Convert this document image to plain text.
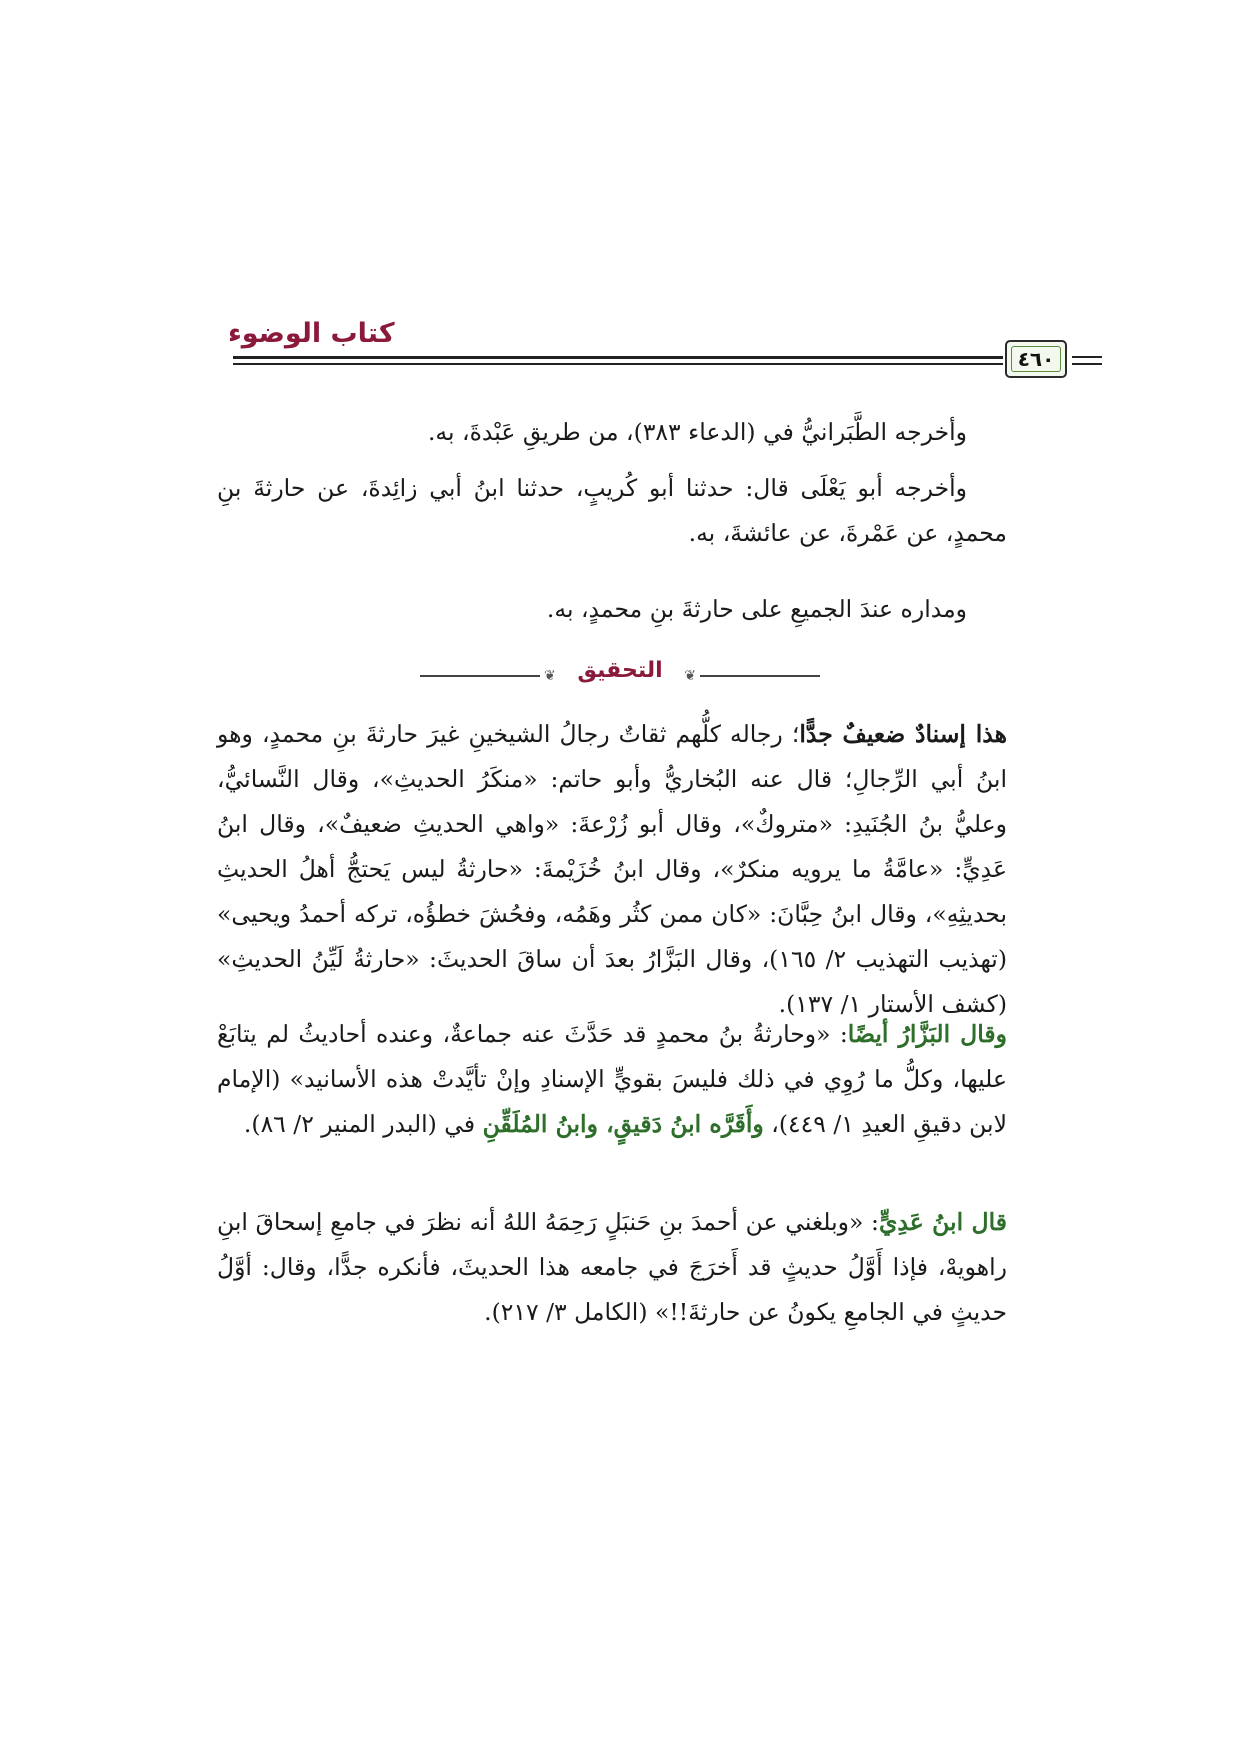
كتاب الوضوء
٤٦٠
وأخرجه الطَّبَرانيُّ في (الدعاء ٣٨٣)، من طريقِ عَبْدةَ، به.
وأخرجه أبو يَعْلَى قال: حدثنا أبو كُريبٍ، حدثنا ابنُ أبي زائِدةَ، عن حارثةَ بنِ محمدٍ، عن عَمْرةَ، عن عائشةَ، به.
ومداره عندَ الجميعِ على حارثةَ بنِ محمدٍ، به.
❦ التحقيق	❦
هذا إسنادٌ ضعيفٌ جدًّا؛ رجاله كلُّهم ثقاتٌ رجالُ الشيخينِ غيرَ حارثةَ بنِ محمدٍ، وهو ابنُ أبي الرِّجالِ؛ قال عنه البُخاريُّ وأبو حاتم: «منكَرُ الحديثِ»، وقال النَّسائيُّ، وعليُّ بنُ الجُنَيدِ: «متروكٌ»، وقال أبو زُرْعةَ: «واهي الحديثِ ضعيفٌ»، وقال ابنُ عَدِيٍّ: «عامَّةُ ما يرويه منكرٌ»، وقال ابنُ خُزَيْمةَ: «حارثةُ ليس يَحتجُّ أهلُ الحديثِ بحديثِهِ»، وقال ابنُ حِبَّانَ: «كان ممن كثُر وهَمُه، وفحُشَ خطؤُه، تركه أحمدُ ويحيى» (تهذيب التهذيب ٢/ ١٦٥)، وقال البَزَّارُ بعدَ أن ساقَ الحديثَ: «حارثةُ لَيِّنُ الحديثِ» (كشف الأستار ١/ ١٣٧).
وقال البَزَّارُ أيضًا: «وحارثةُ بنُ محمدٍ قد حَدَّثَ عنه جماعةٌ، وعنده أحاديثُ لم يتابَعْ عليها، وكلُّ ما رُوِي في ذلك فليسَ بقويٍّ الإسنادِ وإنْ تأيَّدتْ هذه الأسانيد» (الإمام لابن دقيقِ العيدِ ١/ ٤٤٩)، وأَقَرَّه ابنُ دَقيقٍ، وابنُ المُلَقِّنِ في (البدر المنير ٢/ ٨٦).
قال ابنُ عَدِيٍّ: «وبلغني عن أحمدَ بنِ حَنبَلٍ رَحِمَهُ اللهُ أنه نظرَ في جامعِ إسحاقَ ابنِ راهويهْ، فإذا أَوَّلُ حديثٍ قد أَخرَجَ في جامعه هذا الحديثَ، فأنكره جدًّا، وقال: أوَّلُ حديثٍ في الجامعِ يكونُ عن حارثةَ!!» (الكامل ٣/ ٢١٧).
